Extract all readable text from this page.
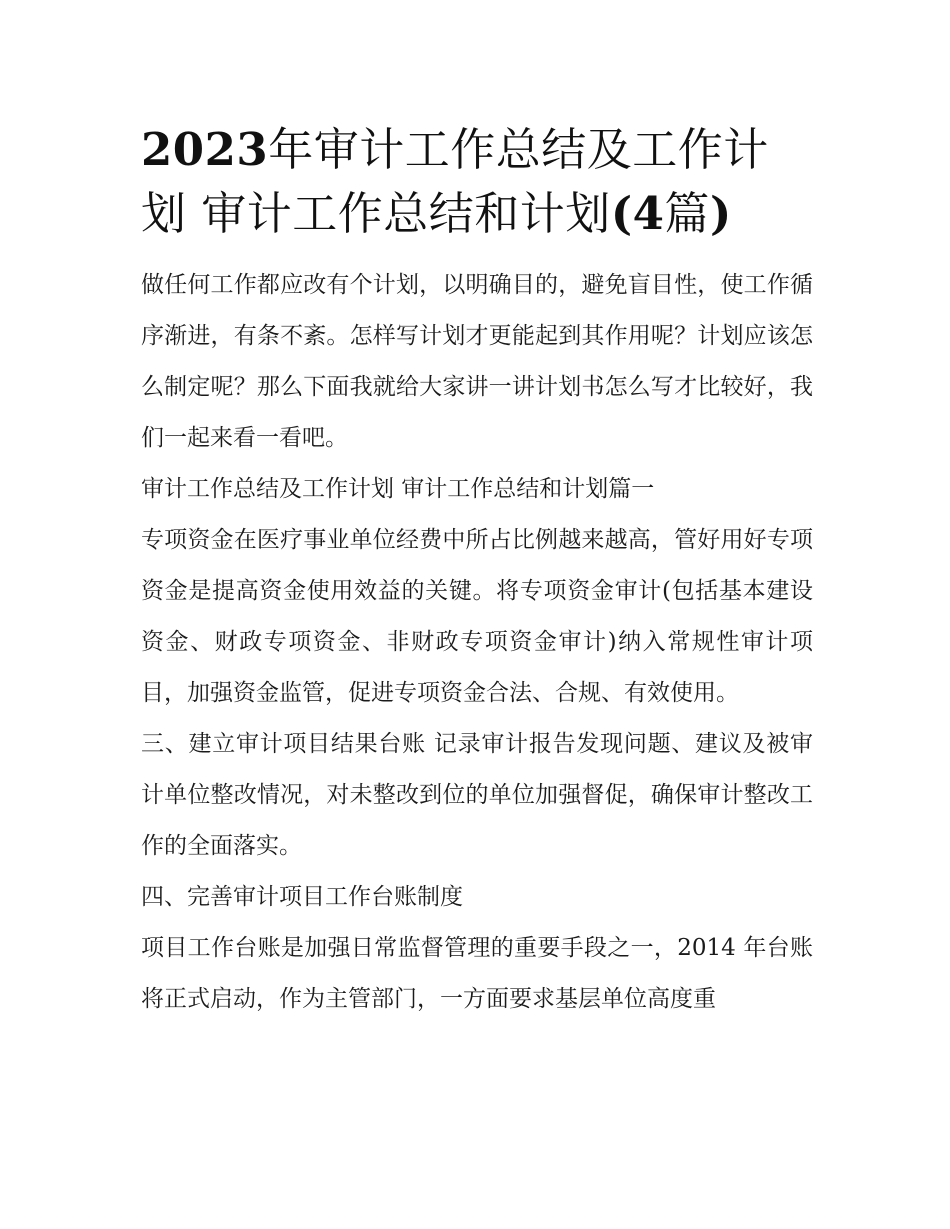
2023年审计工作总结及工作计划 审计工作总结和计划(4篇)

做任何工作都应改有个计划，以明确目的，避免盲目性，使工作循序渐进，有条不紊。怎样写计划才更能起到其作用呢？计划应该怎么制定呢？那么下面我就给大家讲一讲计划书怎么写才比较好，我们一起来看一看吧。

审计工作总结及工作计划 审计工作总结和计划篇一

专项资金在医疗事业单位经费中所占比例越来越高，管好用好专项资金是提高资金使用效益的关键。将专项资金审计(包括基本建设资金、财政专项资金、非财政专项资金审计)纳入常规性审计项目，加强资金监管，促进专项资金合法、合规、有效使用。

三、建立审计项目结果台账 记录审计报告发现问题、建议及被审计单位整改情况，对未整改到位的单位加强督促，确保审计整改工作的全面落实。

四、完善审计项目工作台账制度

项目工作台账是加强日常监督管理的重要手段之一，2014 年台账将正式启动，作为主管部门，一方面要求基层单位高度重
